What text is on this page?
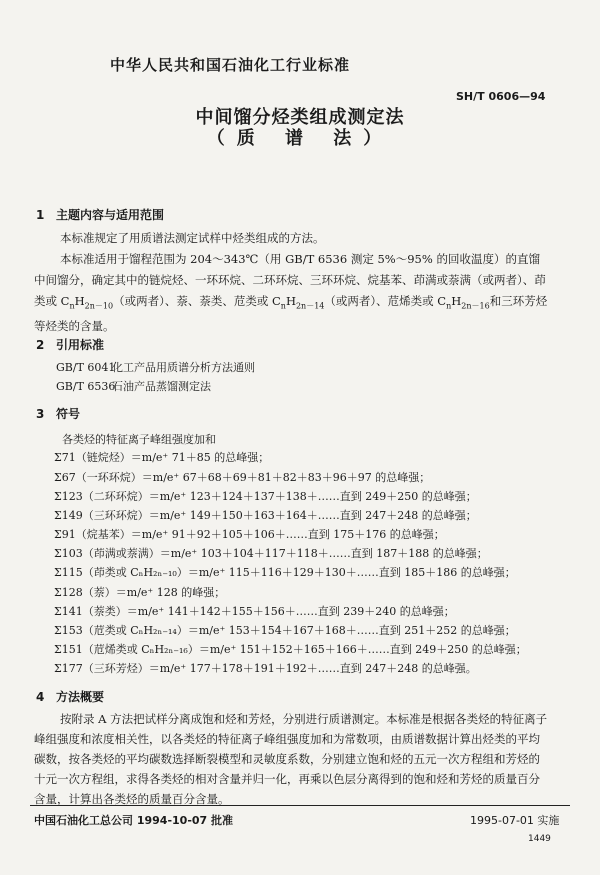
中华人民共和国石油化工行业标准
SH/T 0606—94
中间馏分烃类组成测定法
（质 谱 法）
1 主题内容与适用范围
本标准规定了用质谱法测定试样中烃类组成的方法。
本标准适用于馏程范围为 204～343℃（用 GB/T 6536 测定 5%～95% 的回收温度）的直馏中间馏分，确定其中的链烷烃、一环环烷、二环环烷、三环环烷、烷基苯、茚满或萘满（或两者）、茚类或 $C_nH_{2n-10}$（或两者）、萘、萘类、苊类或 $C_nH_{2n-14}$（或两者）、苊烯类或 $C_nH_{2n-16}$和三环芳烃等烃类的含量。
2 引用标准
GB/T 6041化工产品用质谱分析方法通则
GB/T 6536石油产品蒸馏测定法
3 符号
各类烃的特征离子峰组强度加和
Σ71（链烷烃）＝m/e⁺ 71＋85 的总峰强；
Σ67（一环环烷）＝m/e⁺ 67＋68＋69＋81＋82＋83＋96＋97 的总峰强；
Σ123（二环环烷）＝m/e⁺ 123＋124＋137＋138＋……直到 249＋250 的总峰强；
Σ149（三环环烷）＝m/e⁺ 149＋150＋163＋164＋……直到 247＋248 的总峰强；
Σ91（烷基苯）＝m/e⁺ 91＋92＋105＋106＋……直到 175＋176 的总峰强；
Σ103（茚满或萘满）＝m/e⁺ 103＋104＋117＋118＋……直到 187＋188 的总峰强；
Σ115（茚类或 CₙH₂ₙ₋₁₀）＝m/e⁺ 115＋116＋129＋130＋……直到 185＋186 的总峰强；
Σ128（萘）＝m/e⁺ 128 的峰强；
Σ141（萘类）＝m/e⁺ 141＋142＋155＋156＋……直到 239＋240 的总峰强；
Σ153（苊类或 CₙH₂ₙ₋₁₄）＝m/e⁺ 153＋154＋167＋168＋……直到 251＋252 的总峰强；
Σ151（苊烯类或 CₙH₂ₙ₋₁₆）＝m/e⁺ 151＋152＋165＋166＋……直到 249＋250 的总峰强；
Σ177（三环芳烃）＝m/e⁺ 177＋178＋191＋192＋……直到 247＋248 的总峰强。
4 方法概要
按附录 A 方法把试样分离成饱和烃和芳烃，分别进行质谱测定。本标准是根据各类烃的特征离子峰组强度和浓度相关性，以各类烃的特征离子峰组强度加和为常数项，由质谱数据计算出烃类的平均碳数，按各类烃的平均碳数选择断裂模型和灵敏度系数，分别建立饱和烃的五元一次方程组和芳烃的十元一次方程组，求得各类烃的相对含量并归一化，再乘以色层分离得到的饱和烃和芳烃的质量百分含量，计算出各类烃的质量百分含量。
中国石油化工总公司 1994-10-07 批准	1995-07-01 实施
1449
